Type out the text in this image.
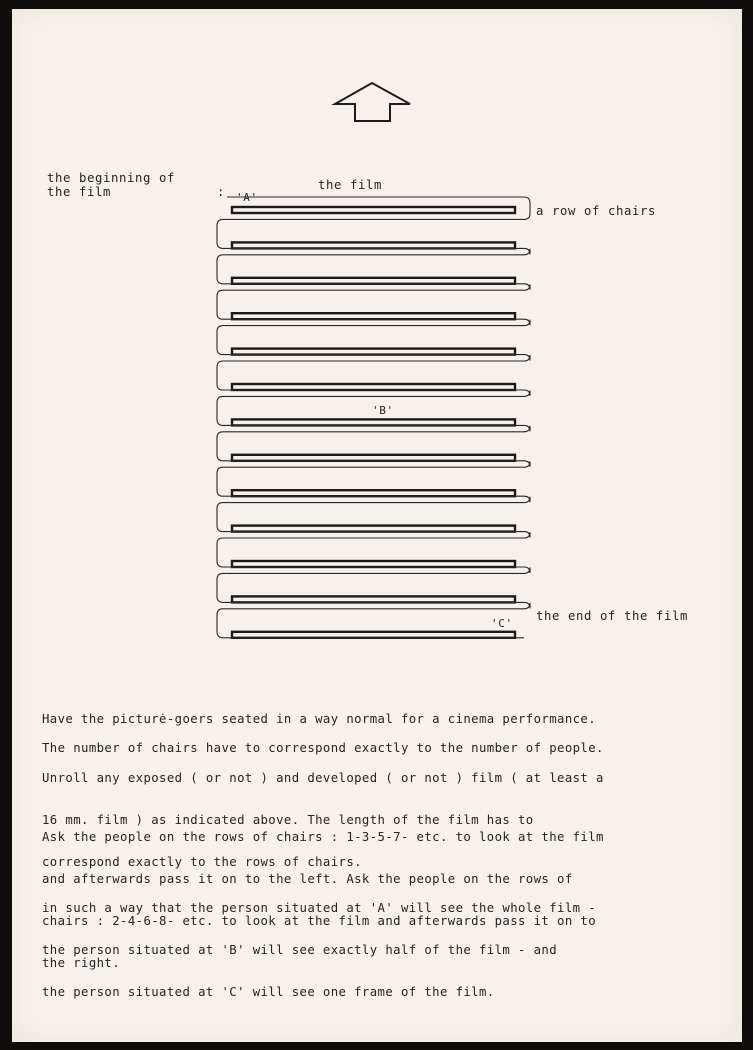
the beginning of
the film	:	the film
a row of chairs
the end of the film
'A'
'B'
'C'

Have the picturė-goers seated in a way normal for a cinema performance.

The number of chairs have to correspond exactly to the number of people.

Unroll any exposed ( or not ) and developed ( or not ) film ( at least a

16 mm. film ) as indicated above. The length of the film has to

correspond exactly to the rows of chairs.

Ask the people on the rows of chairs : 1-3-5-7- etc. to look at the film

and afterwards pass it on to the left. Ask the people on the rows of

chairs : 2-4-6-8- etc. to look at the film and afterwards pass it on to

the right.

in such a way that the person situated at 'A' will see the whole film -

the person situated at 'B' will see exactly half of the film - and

the person situated at 'C' will see one frame of the film.
